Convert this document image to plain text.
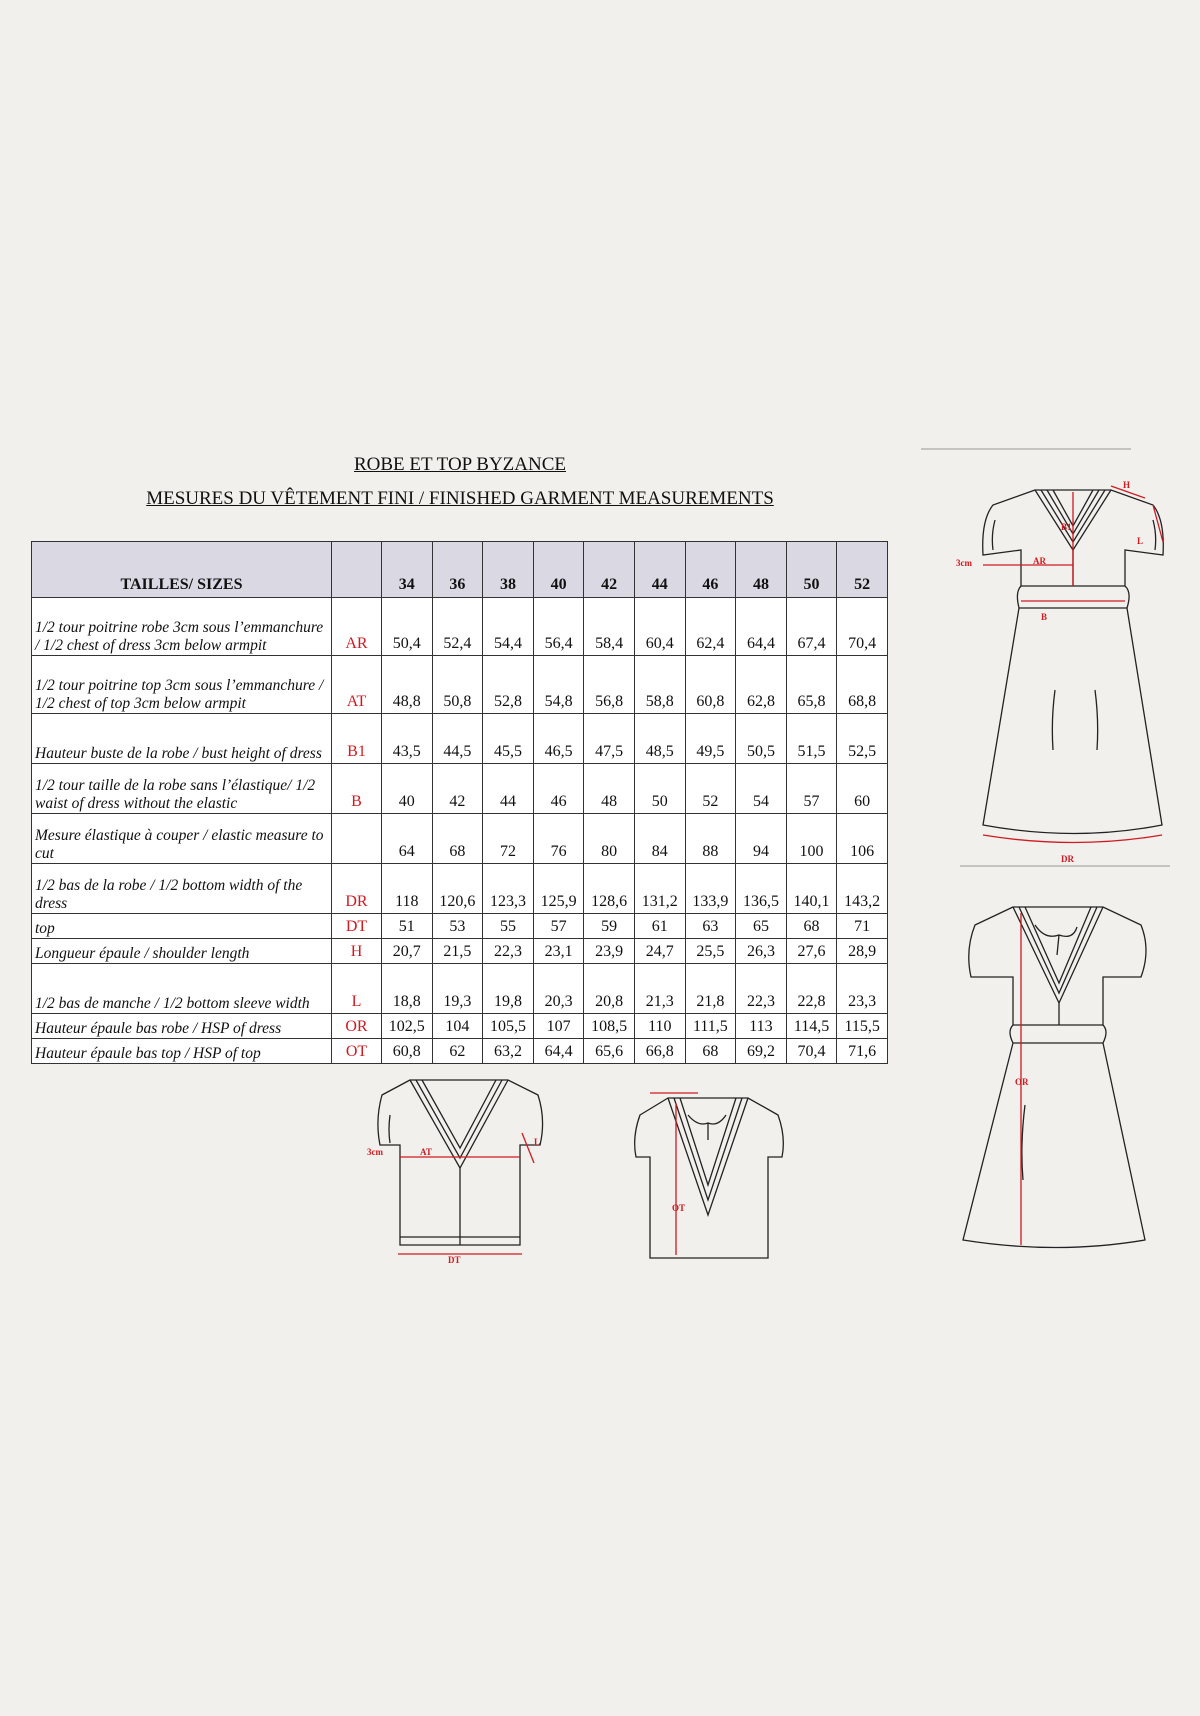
ROBE ET TOP BYZANCE
MESURES DU VÊTEMENT FINI / FINISHED GARMENT MEASUREMENTS
TAILLES/ SIZES		34	36	38	40	42	44	46	48	50	52
1/2 tour poitrine robe 3cm sous l’emmanchure / 1/2 chest of dress 3cm below armpit	AR	50,4	52,4	54,4	56,4	58,4	60,4	62,4	64,4	67,4	70,4
1/2 tour poitrine top 3cm sous l’emmanchure / 1/2 chest of top 3cm below armpit	AT	48,8	50,8	52,8	54,8	56,8	58,8	60,8	62,8	65,8	68,8
Hauteur buste de la robe / bust height of dress	B1	43,5	44,5	45,5	46,5	47,5	48,5	49,5	50,5	51,5	52,5
1/2 tour taille de la robe sans l’élastique/ 1/2 waist of dress without the elastic	B	40	42	44	46	48	50	52	54	57	60
Mesure élastique à couper / elastic measure to cut		64	68	72	76	80	84	88	94	100	106
1/2 bas de la robe / 1/2 bottom width of the dress	DR	118	120,6	123,3	125,9	128,6	131,2	133,9	136,5	140,1	143,2
top	DT	51	53	55	57	59	61	63	65	68	71
Longueur épaule / shoulder length	H	20,7	21,5	22,3	23,1	23,9	24,7	25,5	26,3	27,6	28,9
1/2 bas de manche / 1/2 bottom sleeve width	L	18,8	19,3	19,8	20,3	20,8	21,3	21,8	22,3	22,8	23,3
Hauteur épaule bas robe / HSP of dress	OR	102,5	104	105,5	107	108,5	110	111,5	113	114,5	115,5
Hauteur épaule bas top / HSP of top	OT	60,8	62	63,2	64,4	65,6	66,8	68	69,2	70,4	71,6
H
B1
L
3cm	AR
B
DR
OR
3cm	AT
L
DT
OT
